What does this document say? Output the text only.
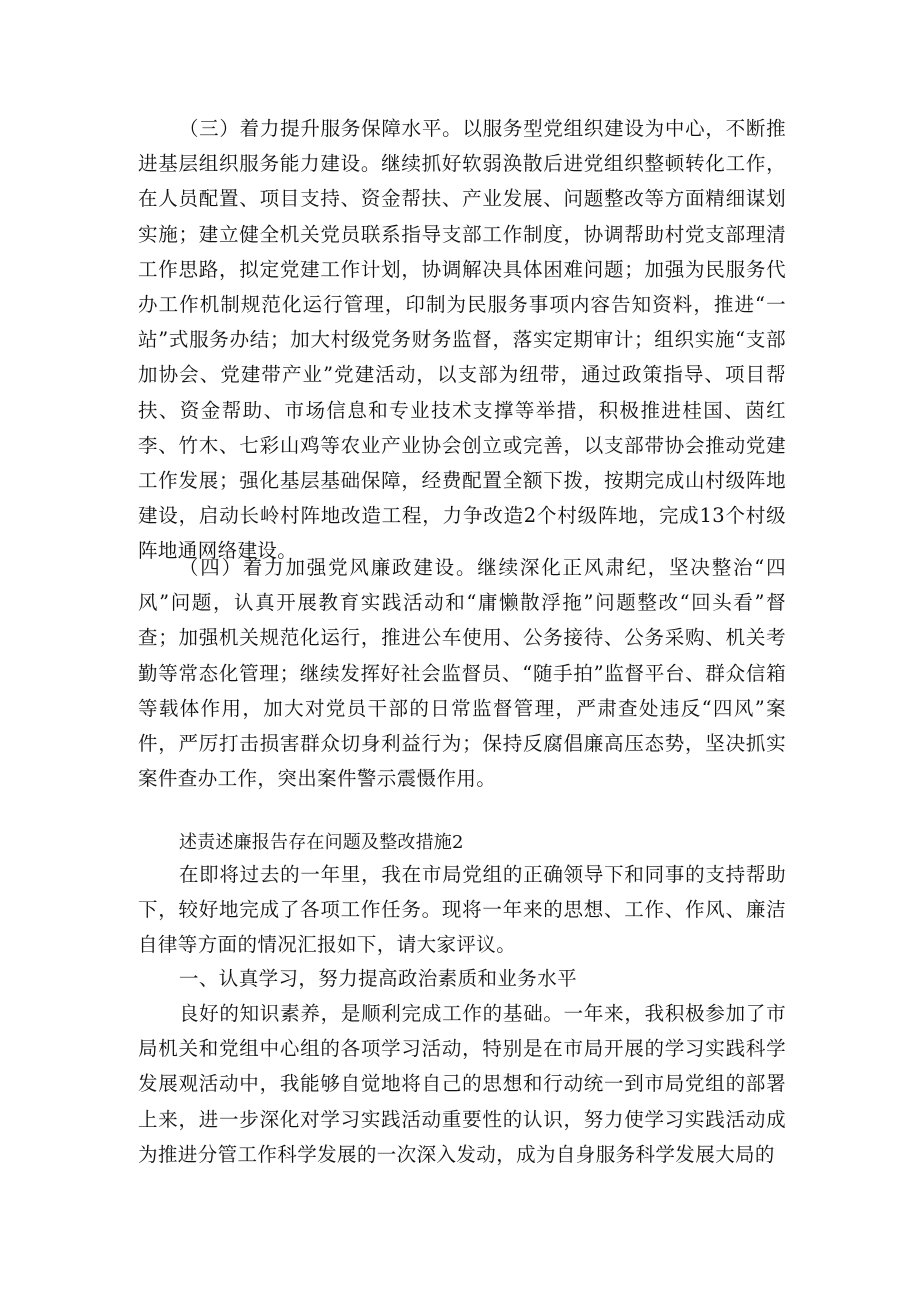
（三）着力提升服务保障水平。以服务型党组织建设为中心，不断推进基层组织服务能力建设。继续抓好软弱涣散后进党组织整顿转化工作，在人员配置、项目支持、资金帮扶、产业发展、问题整改等方面精细谋划实施；建立健全机关党员联系指导支部工作制度，协调帮助村党支部理清工作思路，拟定党建工作计划，协调解决具体困难问题；加强为民服务代办工作机制规范化运行管理，印制为民服务事项内容告知资料，推进“一站”式服务办结；加大村级党务财务监督，落实定期审计；组织实施“支部加协会、党建带产业”党建活动，以支部为纽带，通过政策指导、项目帮扶、资金帮助、市场信息和专业技术支撑等举措，积极推进桂国、茵红李、竹木、七彩山鸡等农业产业协会创立或完善，以支部带协会推动党建工作发展；强化基层基础保障，经费配置全额下拨，按期完成山村级阵地建设，启动长岭村阵地改造工程，力争改造2个村级阵地，完成13个村级阵地通网络建设。

（四）着力加强党风廉政建设。继续深化正风肃纪，坚决整治“四风”问题，认真开展教育实践活动和“庸懒散浮拖”问题整改“回头看”督查；加强机关规范化运行，推进公车使用、公务接待、公务采购、机关考勤等常态化管理；继续发挥好社会监督员、“随手拍”监督平台、群众信箱等载体作用，加大对党员干部的日常监督管理，严肃查处违反“四风”案件，严厉打击损害群众切身利益行为；保持反腐倡廉高压态势，坚决抓实案件查办工作，突出案件警示震慑作用。

述责述廉报告存在问题及整改措施2

在即将过去的一年里，我在市局党组的正确领导下和同事的支持帮助下，较好地完成了各项工作任务。现将一年来的思想、工作、作风、廉洁自律等方面的情况汇报如下，请大家评议。

一、认真学习，努力提高政治素质和业务水平

良好的知识素养，是顺利完成工作的基础。一年来，我积极参加了市局机关和党组中心组的各项学习活动，特别是在市局开展的学习实践科学发展观活动中，我能够自觉地将自己的思想和行动统一到市局党组的部署上来，进一步深化对学习实践活动重要性的认识，努力使学习实践活动成为推进分管工作科学发展的一次深入发动，成为自身服务科学发展大局的
